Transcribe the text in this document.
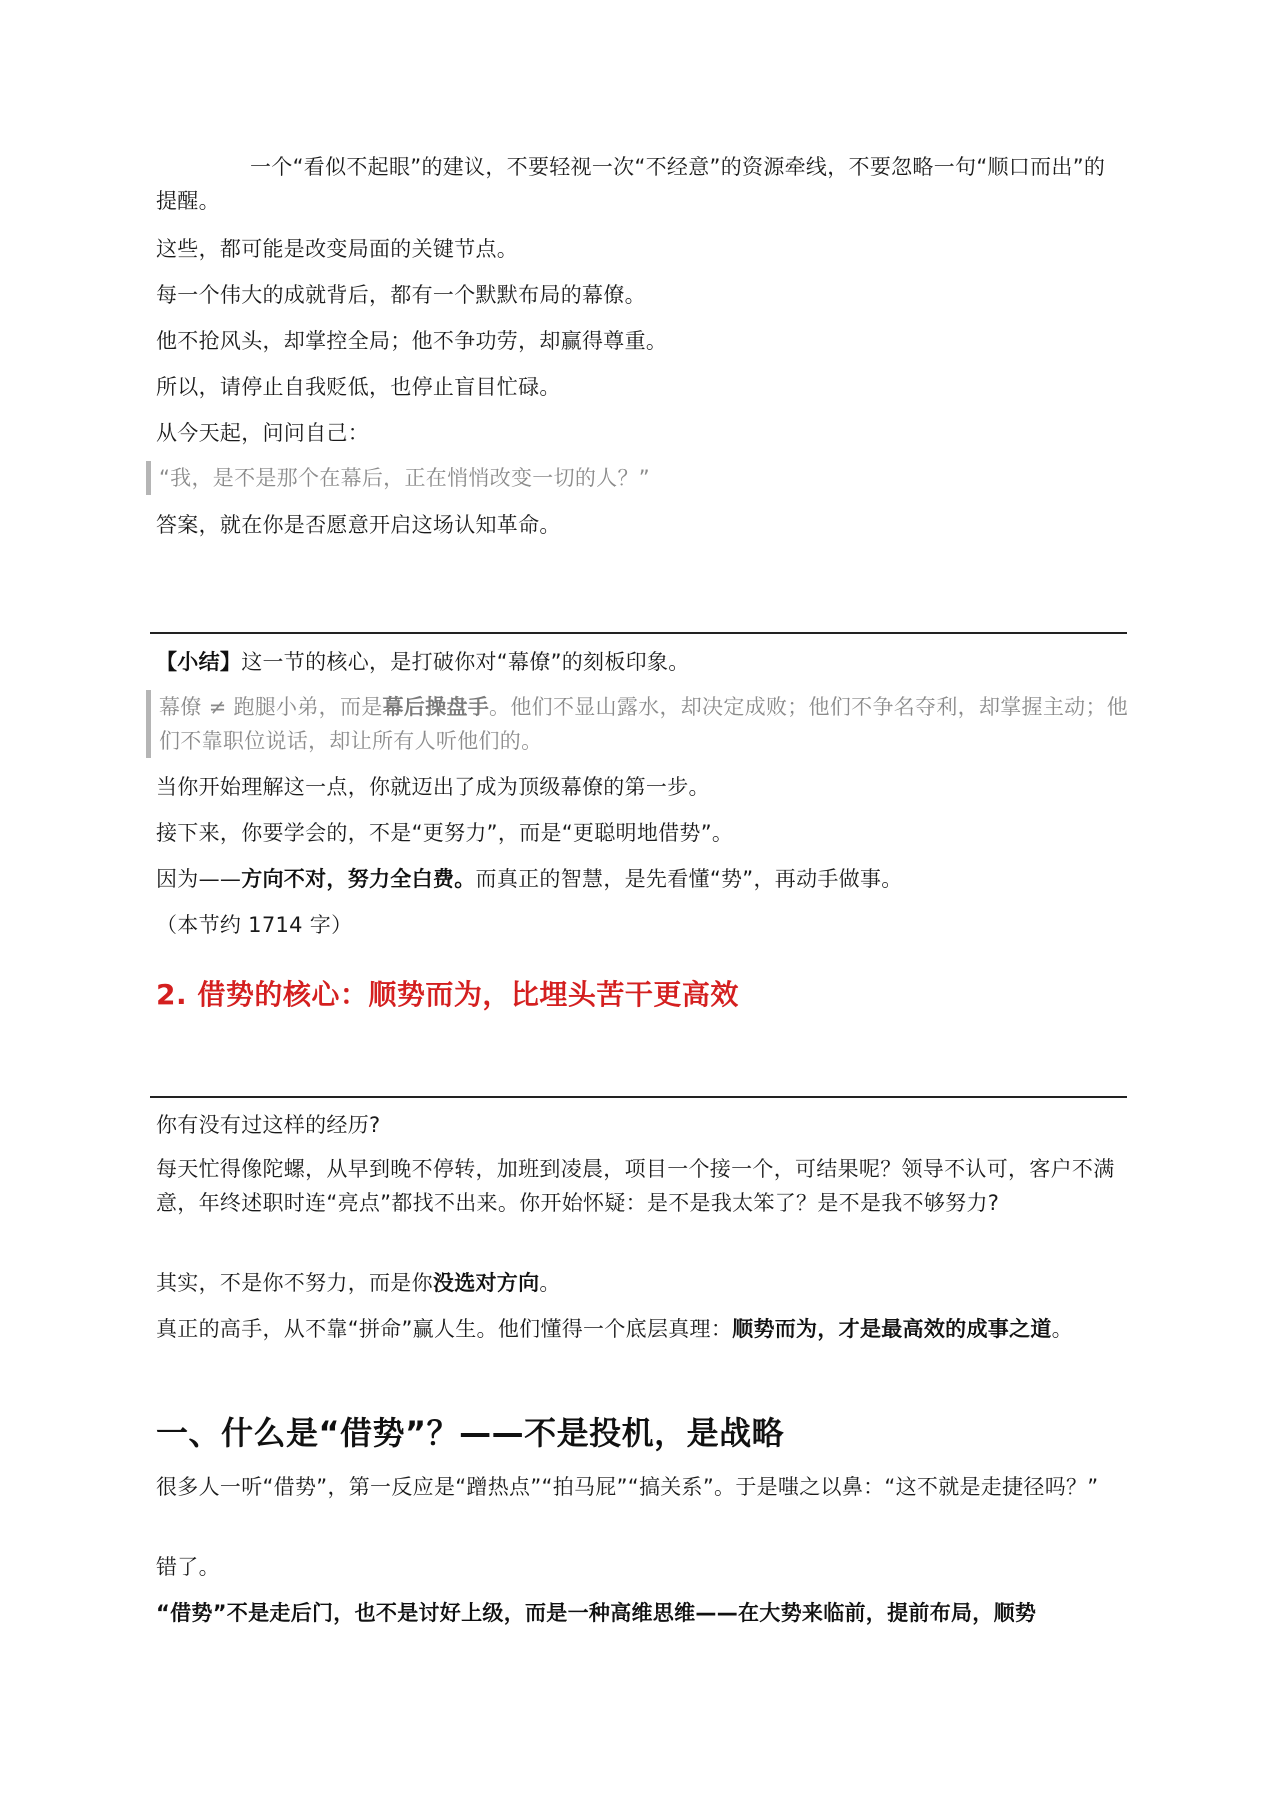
一个“看似不起眼”的建议，不要轻视一次“不经意”的资源牵线，不要忽略一句“顺口而出”的提醒。

这些，都可能是改变局面的关键节点。

每一个伟大的成就背后，都有一个默默布局的幕僚。

他不抢风头，却掌控全局；他不争功劳，却赢得尊重。

所以，请停止自我贬低，也停止盲目忙碌。

从今天起，问问自己：

“我，是不是那个在幕后，正在悄悄改变一切的人？”

答案，就在你是否愿意开启这场认知革命。

【小结】这一节的核心，是打破你对“幕僚”的刻板印象。

幕僚 ≠ 跑腿小弟，而是幕后操盘手。他们不显山露水，却决定成败；他们不争名夺利，却掌握主动；他们不靠职位说话，却让所有人听他们的。

当你开始理解这一点，你就迈出了成为顶级幕僚的第一步。

接下来，你要学会的，不是“更努力”，而是“更聪明地借势”。

因为——方向不对，努力全白费。而真正的智慧，是先看懂“势”，再动手做事。

（本节约 1714 字）

2. 借势的核心：顺势而为，比埋头苦干更高效

你有没有过这样的经历?

每天忙得像陀螺，从早到晚不停转，加班到凌晨，项目一个接一个，可结果呢？领导不认可，客户不满意，年终述职时连“亮点”都找不出来。你开始怀疑：是不是我太笨了？是不是我不够努力?

其实，不是你不努力，而是你没选对方向。

真正的高手，从不靠“拼命”赢人生。他们懂得一个底层真理：顺势而为，才是最高效的成事之道。

一、什么是“借势”？——不是投机，是战略

很多人一听“借势”，第一反应是“蹭热点”“拍马屁”“搞关系”。于是嗤之以鼻：“这不就是走捷径吗？”

错了。

“借势”不是走后门，也不是讨好上级，而是一种高维思维——在大势来临前，提前布局，顺势
